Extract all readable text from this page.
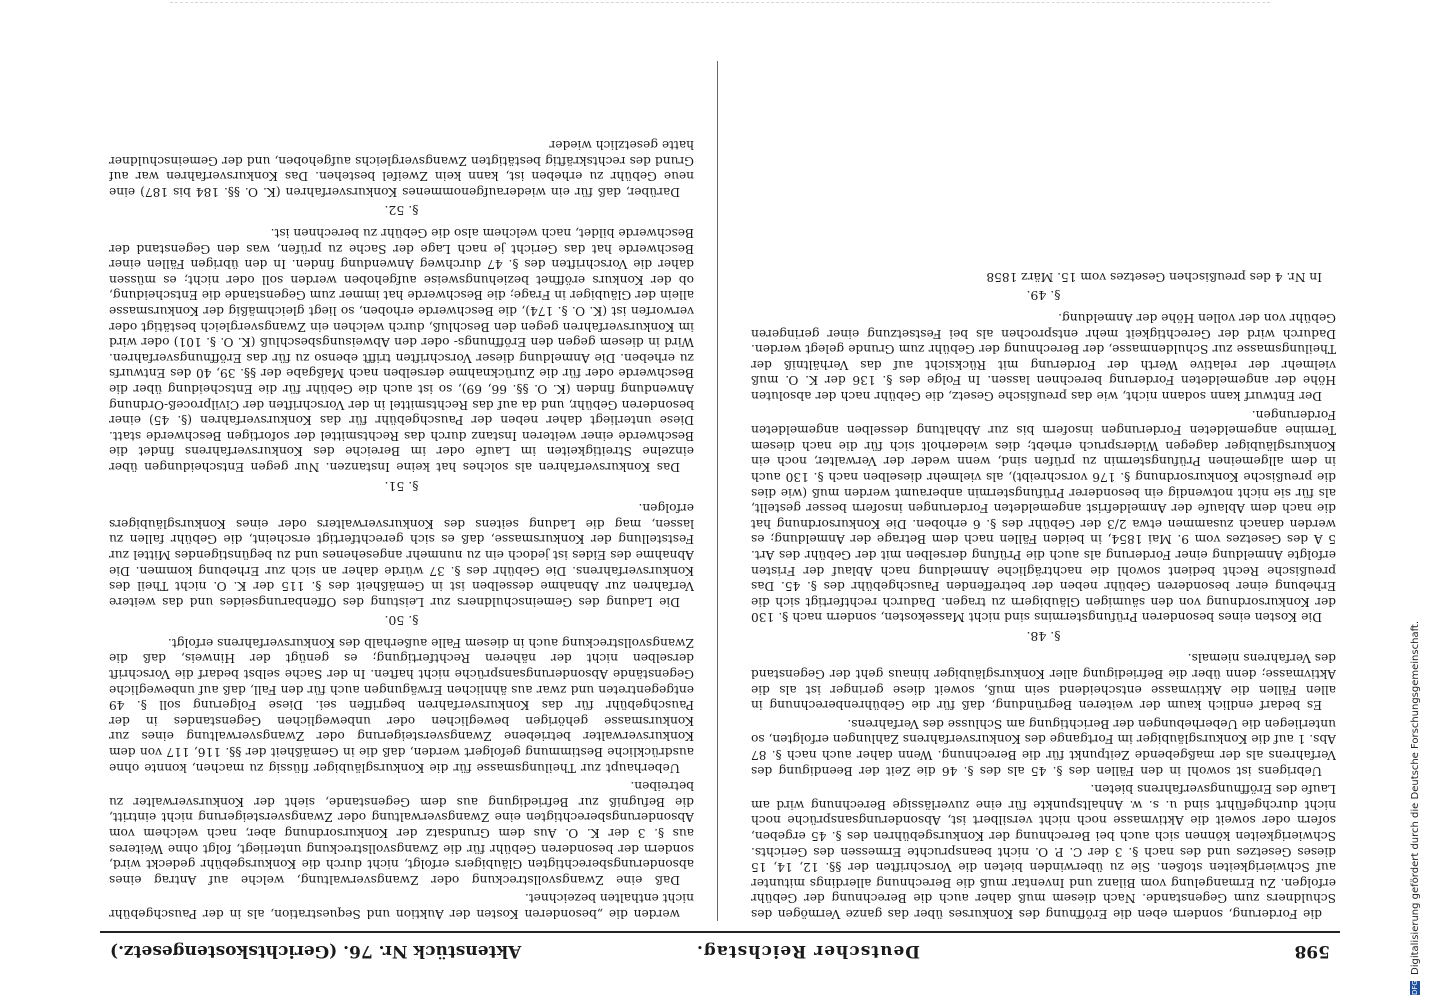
598
Deutscher Reichstag.
Aktenstück Nr. 76. (Gerichtskostengesetz.)

die Forderung, sondern eben die Eröffnung des Konkurses über das ganze Vermögen des Schuldners zum Gegenstande. Nach diesem muß daher auch die Berechnung der Gebühr erfolgen. Zu Ermangelung vom Bilanz und Inventar muß die Berechnung allerdings mitunter auf Schwierigkeiten stoßen. Sie zu überwinden bieten die Vorschriften der §§. 12, 14, 15 dieses Gesetzes und des nach §. 3 der C. P. O. nicht beanspruchte Ermessen des Gerichts. Schwierigkeiten können sich auch bei Berechnung der Konkursgebühren des §. 45 ergeben, sofern oder soweit die Aktivmasse noch nicht versilbert ist, Absonderungsansprüche noch nicht durchgeführt sind u. s. w. Anhaltspunkte für eine zuverlässige Berechnung wird am Laufe des Eröffnungsverfahrens bieten.

Uebrigens ist sowohl in den Fällen des §. 45 als des §. 46 die Zeit der Beendigung des Verfahrens als der maßgebende Zeitpunkt für die Berechnung. Wenn daher auch nach §. 87 Abs. 1 auf die Konkursgläubiger im Fortgange des Konkursverfahrens Zahlungen erfolgten, so unterliegen die Ueberhebungen der Berichtigung am Schlusse des Verfahrens.

Es bedarf endlich kaum der weiteren Begründung, daß für die Gebührenberechnung in allen Fällen die Aktivmasse entscheidend sein muß, soweit diese geringer ist als die Aktivmasse; denn über die Befriedigung aller Konkursgläubiger hinaus geht der Gegenstand des Verfahrens niemals.

§. 48.

Die Kosten eines besonderen Prüfungstermins sind nicht Massekosten, sondern nach §. 130 der Konkursordnung von den säumigen Gläubigern zu tragen. Dadurch rechtfertigt sich die Erhebung einer besonderen Gebühr neben der betreffenden Pauschgebühr des §. 45. Das preußische Recht bedient sowohl die nachträgliche Anmeldung nach Ablauf der Fristen erfolgte Anmeldung einer Forderung als auch die Prüfung derselben mit der Gebühr des Art. 5 A des Gesetzes vom 9. Mai 1854, in beiden Fällen nach dem Betrage der Anmeldung; es werden danach zusammen etwa 2/3 der Gebühr des §. 6 erhoben. Die Konkursordnung hat die nach dem Ablaufe der Anmeldefrist angemeldeten Forderungen insofern besser gestellt, als für sie nicht notwendig ein besonderer Prüfungstermin anberaumt werden muß (wie dies die preußische Konkursordnung §. 176 vorschreibt), als vielmehr dieselben nach §. 130 auch in dem allgemeinen Prüfungstermin zu prüfen sind, wenn weder der Verwalter, noch ein Konkursgläubiger dagegen Widerspruch erhebt; dies wiederholt sich für die nach diesem Termine angemeldeten Forderungen insofern bis zur Abhaltung desselben angemeldeten Forderungen.

Der Entwurf kann sodann nicht, wie das preußische Gesetz, die Gebühr nach der absoluten Höhe der angemeldeten Forderung berechnen lassen. In Folge des §. 136 der K. O. muß vielmehr der relative Werth der Forderung mit Rücksicht auf das Verhältniß der Theilungsmasse zur Schuldenmasse, der Berechnung der Gebühr zum Grunde gelegt werden. Dadurch wird der Gerechtigkeit mehr entsprochen als bei Festsetzung einer geringeren Gebühr von der vollen Höhe der Anmeldung.

§. 49.

In Nr. 4 des preußischen Gesetzes vom 15. März 1858

werden die „besonderen Kosten der Auktion und Sequestration, als in der Pauschgebühr nicht enthalten bezeichnet.

Daß eine Zwangsvollstreckung oder Zwangsverwaltung, welche auf Antrag eines absonderungsberechtigten Gläubigers erfolgt, nicht durch die Konkursgebühr gedeckt wird, sondern der besonderen Gebühr für die Zwangsvollstreckung unterliegt, folgt ohne Weiteres aus §. 3 der K. O. Aus dem Grundsatz der Konkursordnung aber, nach welchem vom Absonderungsberechtigten eine Zwangsverwaltung oder Zwangsversteigerung nicht eintritt, die Befugniß zur Befriedigung aus dem Gegenstande, sieht der Konkursverwalter zu betreiben.

Ueberhaupt zur Theilungsmasse für die Konkursgläubiger flüssig zu machen, konnte ohne ausdrückliche Bestimmung gefolgert werden, daß die in Gemäßheit der §§. 116, 117 von dem Konkursverwalter betriebene Zwangsversteigerung oder Zwangsverwaltung eines zur Konkursmasse gehörigen beweglichen oder unbeweglichen Gegenstandes in der Pauschgebühr für das Konkursverfahren begriffen sei. Diese Folgerung soll §. 49 entgegentreten und zwar aus ähnlichen Erwägungen auch für den Fall, daß auf unbewegliche Gegenstände Absonderungsansprüche nicht haften. In der Sache selbst bedarf die Vorschrift derselben nicht der näheren Rechtfertigung; es genügt der Hinweis, daß die Zwangsvollstreckung auch in diesem Falle außerhalb des Konkursverfahrens erfolgt.

§. 50.

Die Ladung des Gemeinschuldners zur Leistung des Offenbarungseides und das weitere Verfahren zur Abnahme desselben ist in Gemäßheit des §. 115 der K. O. nicht Theil des Konkursverfahrens. Die Gebühr des §. 37 würde daher an sich zur Erhebung kommen. Die Abnahme des Eides ist jedoch ein zu nunmehr angesehenes und zu begünstigendes Mittel zur Feststellung der Konkursmasse, daß es sich gerechtfertigt erscheint, die Gebühr fallen zu lassen, mag die Ladung seitens des Konkursverwalters oder eines Konkursgläubigers erfolgen.

§. 51.

Das Konkursverfahren als solches hat keine Instanzen. Nur gegen Entscheidungen über einzelne Streitigkeiten im Laufe oder im Bereiche des Konkursverfahrens findet die Beschwerde einer weiteren Instanz durch das Rechtsmittel der sofortigen Beschwerde statt. Diese unterliegt daher neben der Pauschgebühr für das Konkursverfahren (§. 45) einer besonderen Gebühr, und da auf das Rechtsmittel in der Vorschriften der Civilproceß-Ordnung Anwendung finden (K. O. §§. 66, 69), so ist auch die Gebühr für die Entscheidung über die Beschwerde oder für die Zurücknahme derselben nach Maßgabe der §§. 39, 40 des Entwurfs zu erheben. Die Anmeldung dieser Vorschriften trifft ebenso zu für das Eröffnungsverfahren. Wird in diesem gegen den Eröffnungs- oder den Abweisungsbeschluß (K. O. §. 101) oder wird im Konkursverfahren gegen den Beschluß, durch welchen ein Zwangsvergleich bestätigt oder verworfen ist (K. O. §. 174), die Beschwerde erhoben, so liegt gleichmäßig der Konkursmasse allein der Gläubiger in Frage; die Beschwerde hat immer zum Gegenstande die Entscheidung, ob der Konkurs eröffnet beziehungsweise aufgehoben werden soll oder nicht; es müssen daher die Vorschriften des §. 47 durchweg Anwendung finden. In den übrigen Fällen einer Beschwerde hat das Gericht je nach Lage der Sache zu prüfen, was den Gegenstand der Beschwerde bildet, nach welchem also die Gebühr zu berechnen ist.

§. 52.

Darüber, daß für ein wiederaufgenommenes Konkursverfahren (K. O. §§. 184 bis 187) eine neue Gebühr zu erheben ist, kann kein Zweifel bestehen. Das Konkursverfahren war auf Grund des rechtskräftig bestätigten Zwangsvergleichs aufgehoben, und der Gemeinschuldner hatte gesetzlich wieder

DFGDigitalisierung gefördert durch die Deutsche Forschungsgemeinschaft.
